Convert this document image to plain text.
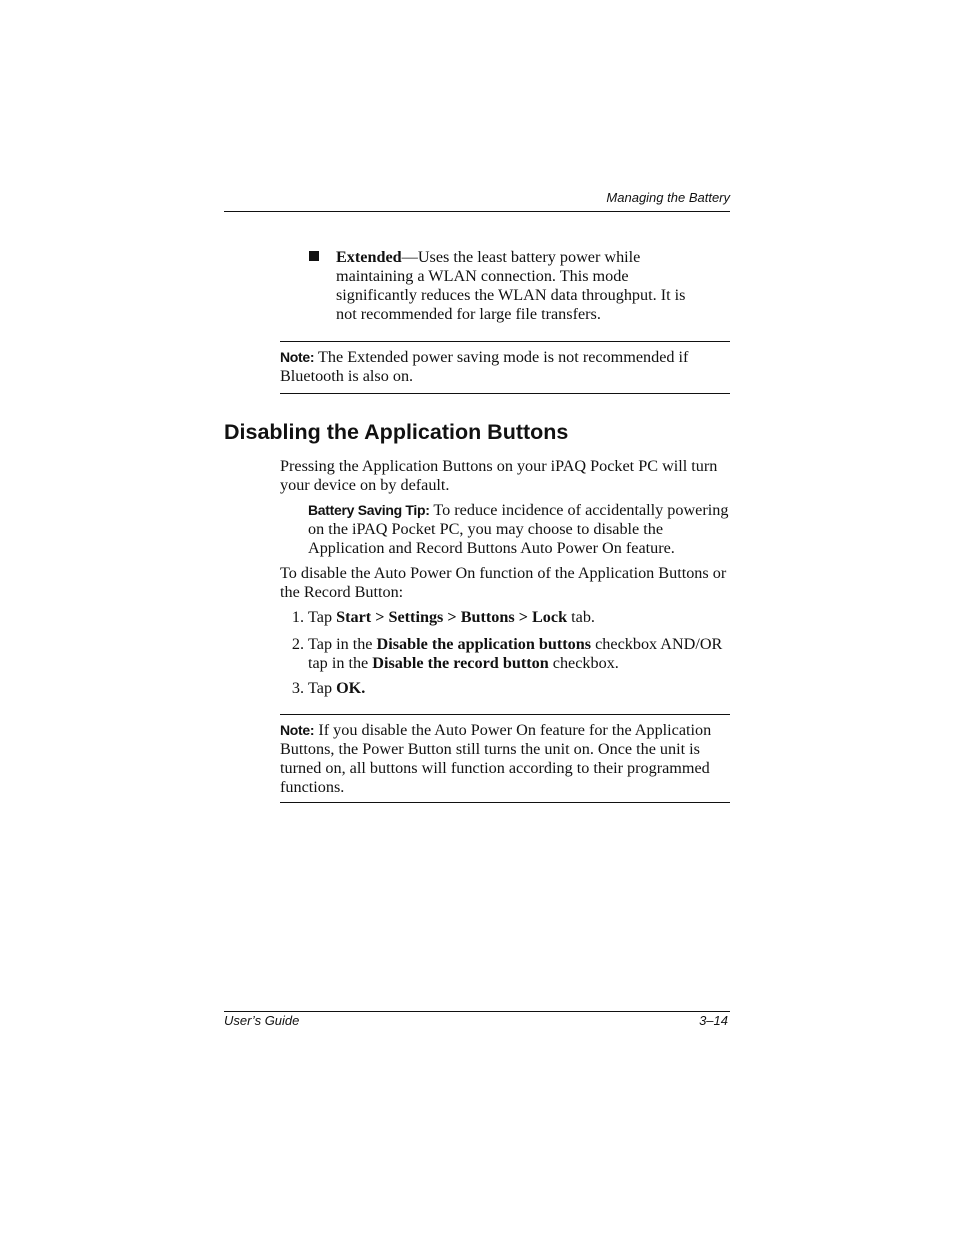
Managing the Battery
Extended—Uses the least battery power while maintaining a WLAN connection. This mode significantly reduces the WLAN data throughput. It is not recommended for large file transfers.
Note: The Extended power saving mode is not recommended if Bluetooth is also on.
Disabling the Application Buttons
Pressing the Application Buttons on your iPAQ Pocket PC will turn your device on by default.
Battery Saving Tip: To reduce incidence of accidentally powering on the iPAQ Pocket PC, you may choose to disable the Application and Record Buttons Auto Power On feature.
To disable the Auto Power On function of the Application Buttons or the Record Button:
1. Tap Start > Settings > Buttons > Lock tab.
2. Tap in the Disable the application buttons checkbox AND/OR tap in the Disable the record button checkbox.
3. Tap OK.
Note: If you disable the Auto Power On feature for the Application Buttons, the Power Button still turns the unit on. Once the unit is turned on, all buttons will function according to their programmed functions.
User’s Guide	3–14
